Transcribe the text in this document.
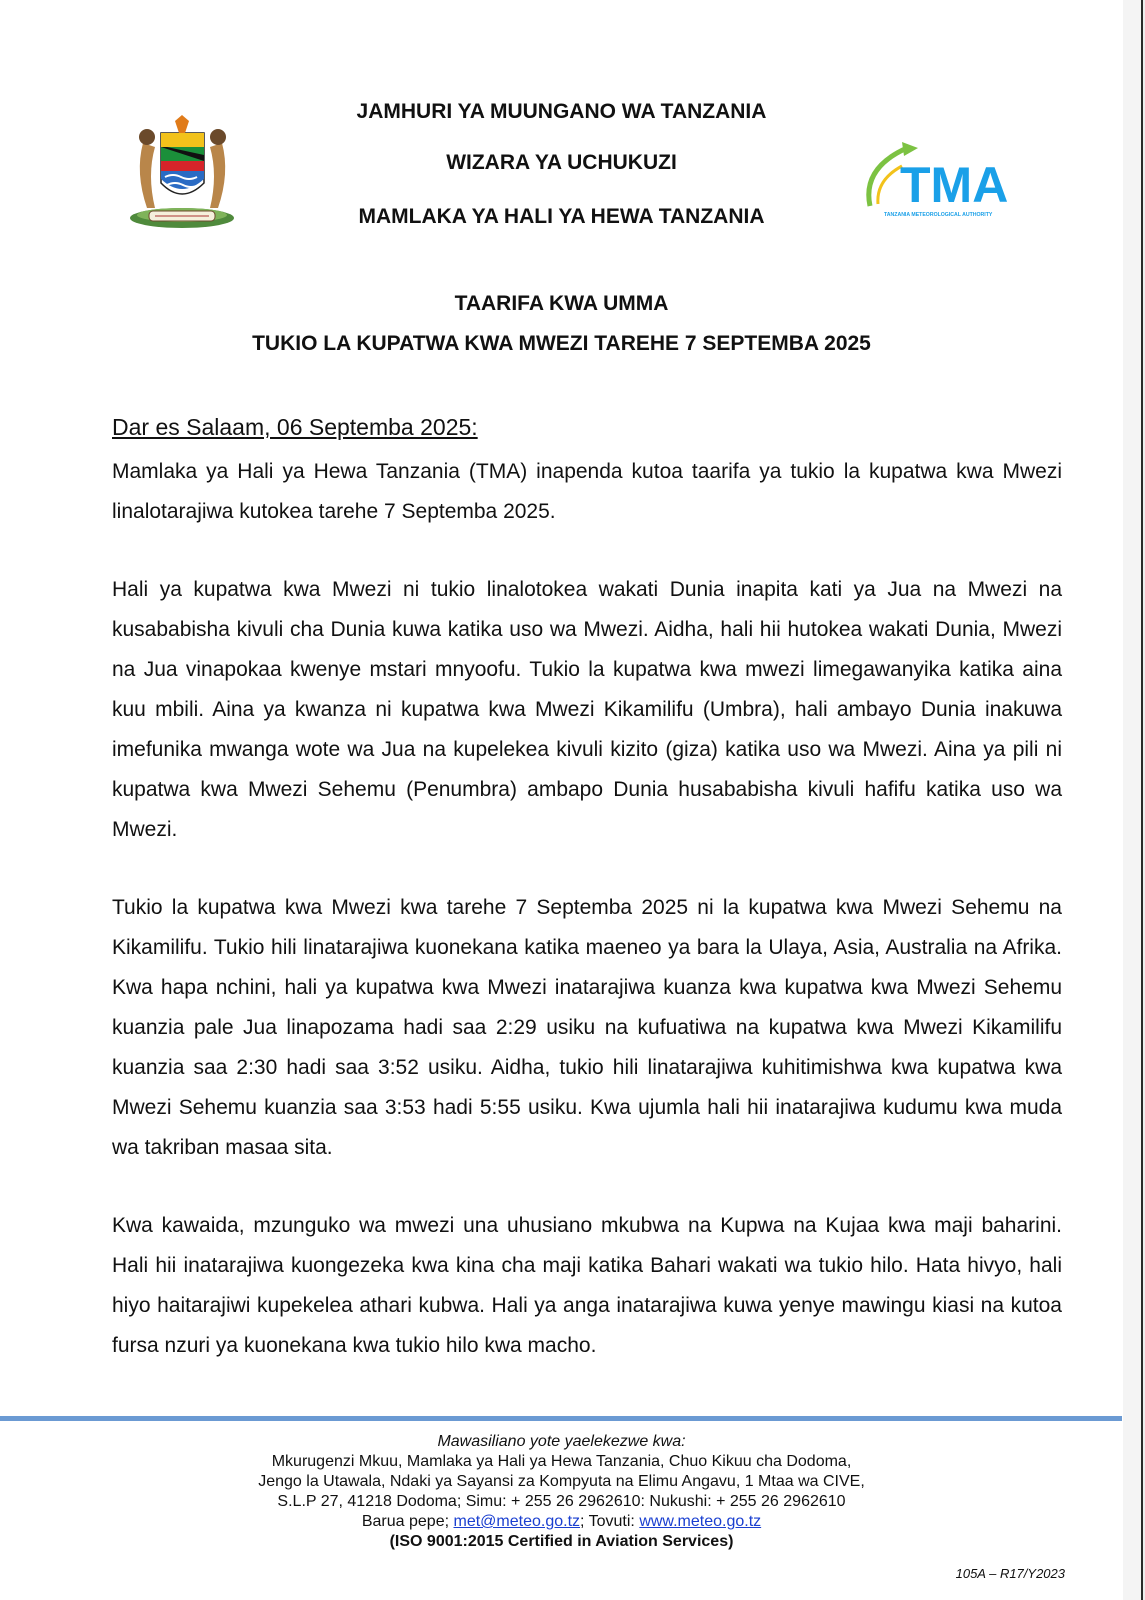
TMA
TANZANIA METEOROLOGICAL AUTHORITY
JAMHURI YA MUUNGANO WA TANZANIA
WIZARA YA UCHUKUZI
MAMLAKA YA HALI YA HEWA TANZANIA
TAARIFA KWA UMMA
TUKIO LA KUPATWA KWA MWEZI TAREHE 7 SEPTEMBA 2025
Dar es Salaam, 06 Septemba 2025:

Mamlaka ya Hali ya Hewa Tanzania (TMA) inapenda kutoa taarifa ya tukio la kupatwa kwa Mwezi linalotarajiwa kutokea tarehe 7 Septemba 2025.

Hali ya kupatwa kwa Mwezi ni tukio linalotokea wakati Dunia inapita kati ya Jua na Mwezi na kusababisha kivuli cha Dunia kuwa katika uso wa Mwezi. Aidha, hali hii hutokea wakati Dunia, Mwezi na Jua vinapokaa kwenye mstari mnyoofu. Tukio la kupatwa kwa mwezi limegawanyika katika aina kuu mbili. Aina ya kwanza ni kupatwa kwa Mwezi Kikamilifu (Umbra), hali ambayo Dunia inakuwa imefunika mwanga wote wa Jua na kupelekea kivuli kizito (giza) katika uso wa Mwezi. Aina ya pili ni kupatwa kwa Mwezi Sehemu (Penumbra) ambapo Dunia husababisha kivuli hafifu katika uso wa Mwezi.

Tukio la kupatwa kwa Mwezi kwa tarehe 7 Septemba 2025 ni la kupatwa kwa Mwezi Sehemu na Kikamilifu. Tukio hili linatarajiwa kuonekana katika maeneo ya bara la Ulaya, Asia, Australia na Afrika. Kwa hapa nchini, hali ya kupatwa kwa Mwezi inatarajiwa kuanza kwa kupatwa kwa Mwezi Sehemu kuanzia pale Jua linapozama hadi saa 2:29 usiku na kufuatiwa na kupatwa kwa Mwezi Kikamilifu kuanzia saa 2:30 hadi saa 3:52 usiku. Aidha, tukio hili linatarajiwa kuhitimishwa kwa kupatwa kwa Mwezi Sehemu kuanzia saa 3:53 hadi 5:55 usiku. Kwa ujumla hali hii inatarajiwa kudumu kwa muda wa takriban masaa sita.

Kwa kawaida, mzunguko wa mwezi una uhusiano mkubwa na Kupwa na Kujaa kwa maji baharini. Hali hii inatarajiwa kuongezeka kwa kina cha maji katika Bahari wakati wa tukio hilo. Hata hivyo, hali hiyo haitarajiwi kupekelea athari kubwa. Hali ya anga inatarajiwa kuwa yenye mawingu kiasi na kutoa fursa nzuri ya kuonekana kwa tukio hilo kwa macho.

Mawasiliano yote yaelekezwe kwa:
Mkurugenzi Mkuu, Mamlaka ya Hali ya Hewa Tanzania, Chuo Kikuu cha Dodoma,
Jengo la Utawala, Ndaki ya Sayansi za Kompyuta na Elimu Angavu, 1 Mtaa wa CIVE,
S.L.P 27, 41218 Dodoma; Simu: + 255 26 2962610: Nukushi: + 255 26 2962610
Barua pepe; met@meteo.go.tz; Tovuti: www.meteo.go.tz
(ISO 9001:2015 Certified in Aviation Services)
105A – R17/Y2023
